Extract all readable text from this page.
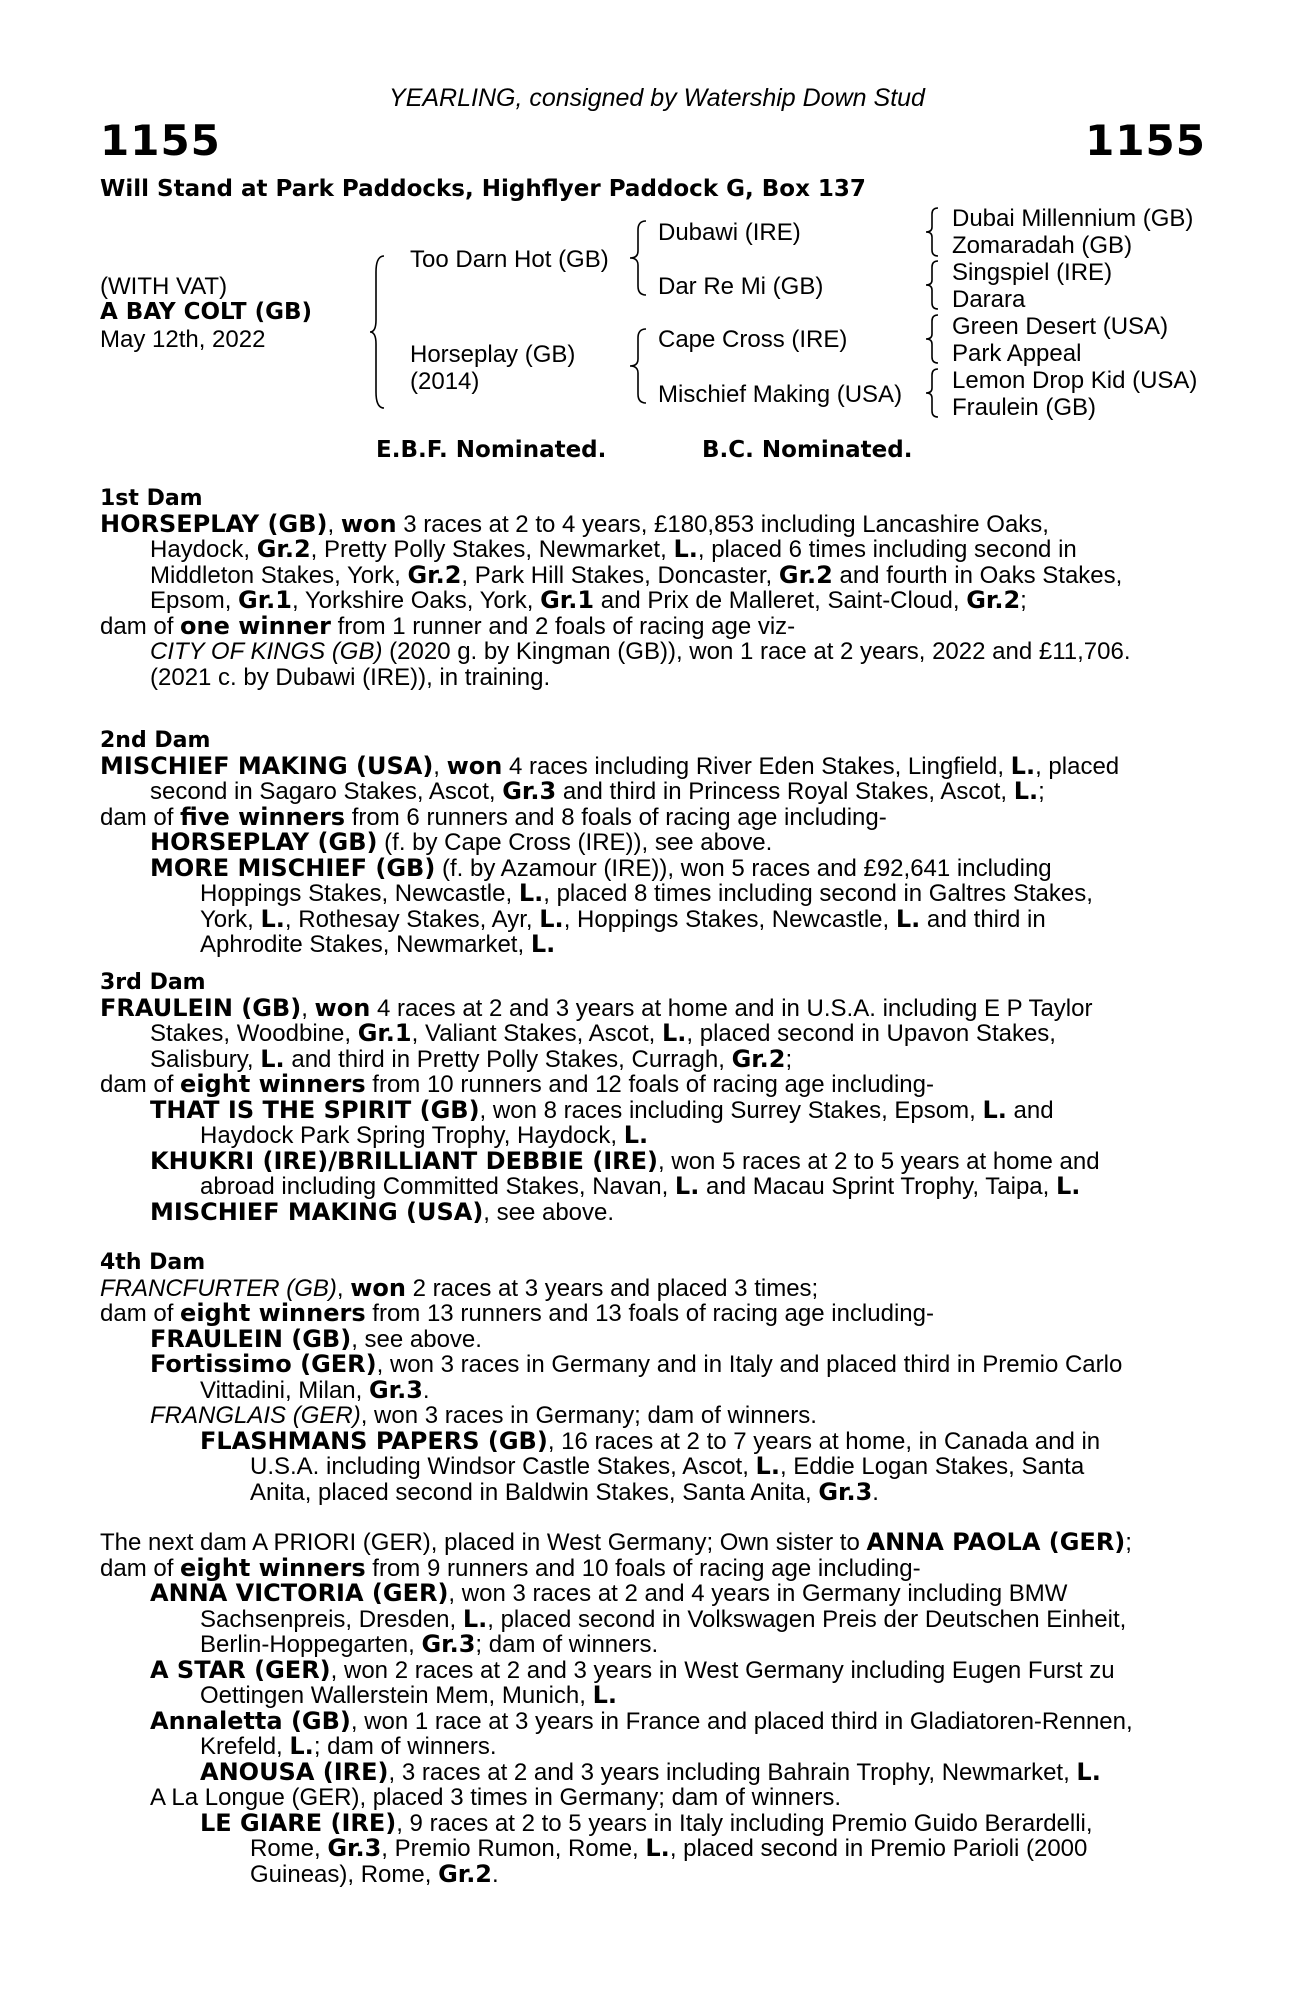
YEARLING, consigned by Watership Down Stud
1155	1155
Will Stand at Park Paddocks, Highflyer Paddock G, Box 137
(WITH VAT)
A BAY COLT (GB)
May 12th, 2022
Too Darn Hot (GB)
Horseplay (GB)
(2014)
Dubawi (IRE)
Dar Re Mi (GB)
Cape Cross (IRE)
Mischief Making (USA)
Dubai Millennium (GB)
Zomaradah (GB)
Singspiel (IRE)
Darara
Green Desert (USA)
Park Appeal
Lemon Drop Kid (USA)
Fraulein (GB)
E.B.F. Nominated.	B.C. Nominated.

1st Dam

HORSEPLAY (GB), won 3 races at 2 to 4 years, £180,853 including Lancashire Oaks,

Haydock, Gr.2, Pretty Polly Stakes, Newmarket, L., placed 6 times including second in

Middleton Stakes, York, Gr.2, Park Hill Stakes, Doncaster, Gr.2 and fourth in Oaks Stakes,

Epsom, Gr.1, Yorkshire Oaks, York, Gr.1 and Prix de Malleret, Saint-Cloud, Gr.2;

dam of one winner from 1 runner and 2 foals of racing age viz-

CITY OF KINGS (GB) (2020 g. by Kingman (GB)), won 1 race at 2 years, 2022 and £11,706.

(2021 c. by Dubawi (IRE)), in training.

2nd Dam

MISCHIEF MAKING (USA), won 4 races including River Eden Stakes, Lingfield, L., placed

second in Sagaro Stakes, Ascot, Gr.3 and third in Princess Royal Stakes, Ascot, L.;

dam of five winners from 6 runners and 8 foals of racing age including-

HORSEPLAY (GB) (f. by Cape Cross (IRE)), see above.

MORE MISCHIEF (GB) (f. by Azamour (IRE)), won 5 races and £92,641 including

Hoppings Stakes, Newcastle, L., placed 8 times including second in Galtres Stakes,

York, L., Rothesay Stakes, Ayr, L., Hoppings Stakes, Newcastle, L. and third in

Aphrodite Stakes, Newmarket, L.

3rd Dam

FRAULEIN (GB), won 4 races at 2 and 3 years at home and in U.S.A. including E P Taylor

Stakes, Woodbine, Gr.1, Valiant Stakes, Ascot, L., placed second in Upavon Stakes,

Salisbury, L. and third in Pretty Polly Stakes, Curragh, Gr.2;

dam of eight winners from 10 runners and 12 foals of racing age including-

THAT IS THE SPIRIT (GB), won 8 races including Surrey Stakes, Epsom, L. and

Haydock Park Spring Trophy, Haydock, L.

KHUKRI (IRE)/BRILLIANT DEBBIE (IRE), won 5 races at 2 to 5 years at home and

abroad including Committed Stakes, Navan, L. and Macau Sprint Trophy, Taipa, L.

MISCHIEF MAKING (USA), see above.

4th Dam

FRANCFURTER (GB), won 2 races at 3 years and placed 3 times;

dam of eight winners from 13 runners and 13 foals of racing age including-

FRAULEIN (GB), see above.

Fortissimo (GER), won 3 races in Germany and in Italy and placed third in Premio Carlo

Vittadini, Milan, Gr.3.

FRANGLAIS (GER), won 3 races in Germany; dam of winners.

FLASHMANS PAPERS (GB), 16 races at 2 to 7 years at home, in Canada and in

U.S.A. including Windsor Castle Stakes, Ascot, L., Eddie Logan Stakes, Santa

Anita, placed second in Baldwin Stakes, Santa Anita, Gr.3.

The next dam A PRIORI (GER), placed in West Germany; Own sister to ANNA PAOLA (GER);

dam of eight winners from 9 runners and 10 foals of racing age including-

ANNA VICTORIA (GER), won 3 races at 2 and 4 years in Germany including BMW

Sachsenpreis, Dresden, L., placed second in Volkswagen Preis der Deutschen Einheit,

Berlin-Hoppegarten, Gr.3; dam of winners.

A STAR (GER), won 2 races at 2 and 3 years in West Germany including Eugen Furst zu

Oettingen Wallerstein Mem, Munich, L.

Annaletta (GB), won 1 race at 3 years in France and placed third in Gladiatoren-Rennen,

Krefeld, L.; dam of winners.

ANOUSA (IRE), 3 races at 2 and 3 years including Bahrain Trophy, Newmarket, L.

A La Longue (GER), placed 3 times in Germany; dam of winners.

LE GIARE (IRE), 9 races at 2 to 5 years in Italy including Premio Guido Berardelli,

Rome, Gr.3, Premio Rumon, Rome, L., placed second in Premio Parioli (2000

Guineas), Rome, Gr.2.
